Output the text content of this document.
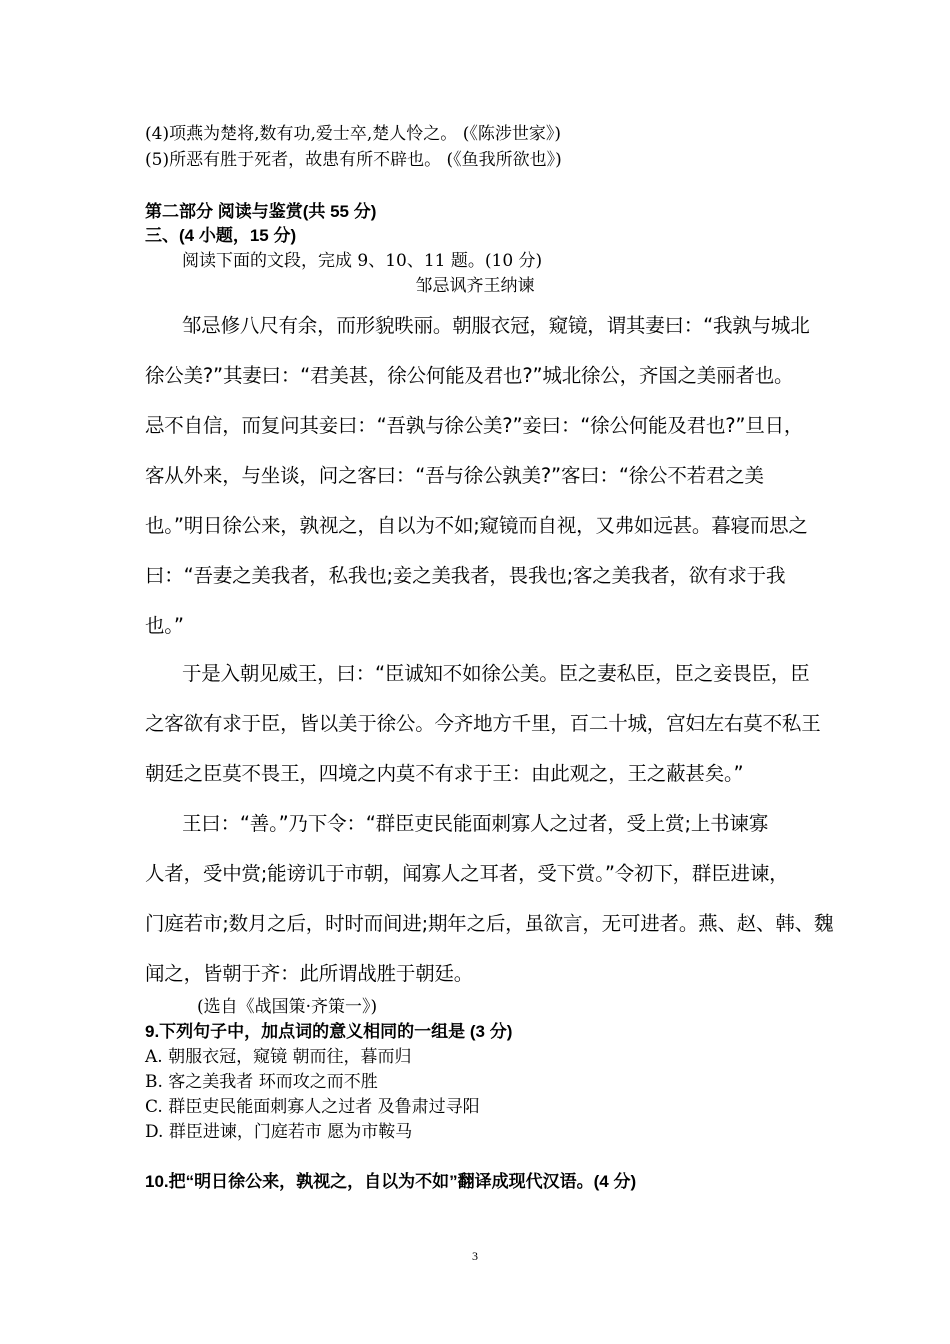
(4)项燕为楚将,数有功,爱士卒,楚人怜之。 (《陈涉世家》)
(5)所恶有胜于死者，故患有所不辟也。 (《鱼我所欲也》)
第二部分 阅读与鉴赏(共 55 分)
三、(4 小题，15 分)
阅读下面的文段，完成 9、10、11 题。(10 分)
邹忌讽齐王纳谏
邹忌修八尺有余，而形貌昳丽。朝服衣冠，窥镜，谓其妻曰：“我孰与城北
徐公美?”其妻曰：“君美甚，徐公何能及君也?”城北徐公，齐国之美丽者也。
忌不自信，而复问其妾曰：“吾孰与徐公美?”妾曰：“徐公何能及君也?”旦日，
客从外来，与坐谈，问之客曰：“吾与徐公孰美?”客曰：“徐公不若君之美
也。”明日徐公来，孰视之，自以为不如;窥镜而自视，又弗如远甚。暮寝而思之
曰：“吾妻之美我者，私我也;妾之美我者，畏我也;客之美我者，欲有求于我
也。”
于是入朝见威王，曰：“臣诚知不如徐公美。臣之妻私臣，臣之妾畏臣，臣
之客欲有求于臣，皆以美于徐公。今齐地方千里，百二十城，宫妇左右莫不私王
朝廷之臣莫不畏王，四境之内莫不有求于王：由此观之，王之蔽甚矣。”
王曰：“善。”乃下令：“群臣吏民能面刺寡人之过者，受上赏;上书谏寡
人者，受中赏;能谤讥于市朝，闻寡人之耳者，受下赏。”令初下，群臣进谏，
门庭若市;数月之后，时时而间进;期年之后，虽欲言，无可进者。燕、赵、韩、魏
闻之，皆朝于齐：此所谓战胜于朝廷。
(选自《战国策·齐策一》)
9.下列句子中，加点词的意义相同的一组是 (3 分)
A. 朝服衣冠，窥镜 朝而往，暮而归
B. 客之美我者 环而攻之而不胜
C. 群臣吏民能面刺寡人之过者 及鲁肃过寻阳
D. 群臣进谏，门庭若市 愿为市鞍马
10.把“明日徐公来，孰视之，自以为不如”翻译成现代汉语。(4 分)
3
